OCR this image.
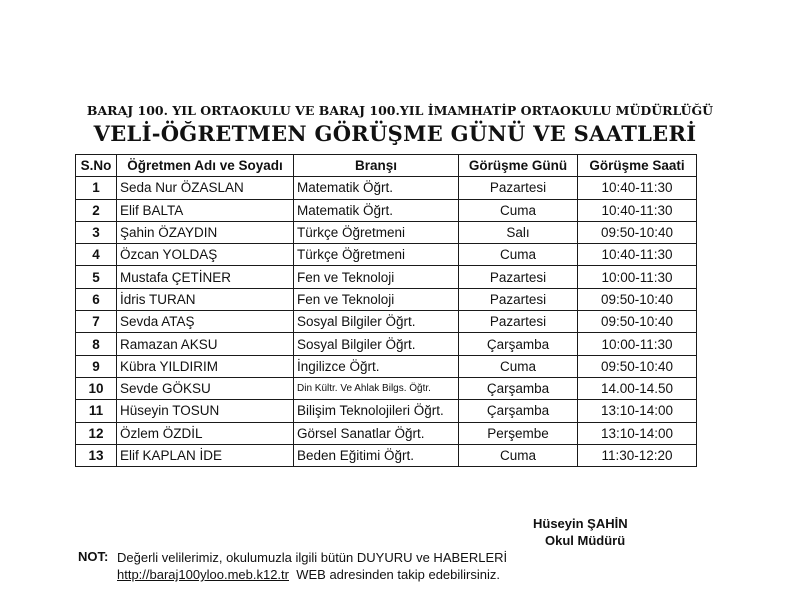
BARAJ 100. YIL ORTAOKULU VE BARAJ 100.YIL İMAMHATİP ORTAOKULU MÜDÜRLÜĞÜ
VELİ-ÖĞRETMEN GÖRÜŞME GÜNÜ VE SAATLERİ
S.No	Öğretmen Adı ve Soyadı	Branşı	Görüşme Günü	Görüşme Saati
1	Seda Nur ÖZASLAN	Matematik Öğrt.	Pazartesi	10:40-11:30
2	Elif BALTA	Matematik Öğrt.	Cuma	10:40-11:30
3	Şahin ÖZAYDIN	Türkçe Öğretmeni	Salı	09:50-10:40
4	Özcan YOLDAŞ	Türkçe Öğretmeni	Cuma	10:40-11:30
5	Mustafa ÇETİNER	Fen ve Teknoloji	Pazartesi	10:00-11:30
6	İdris TURAN	Fen ve Teknoloji	Pazartesi	09:50-10:40
7	Sevda ATAŞ	Sosyal Bilgiler Öğrt.	Pazartesi	09:50-10:40
8	Ramazan AKSU	Sosyal Bilgiler Öğrt.	Çarşamba	10:00-11:30
9	Kübra YILDIRIM	İngilizce Öğrt.	Cuma	09:50-10:40
10	Sevde GÖKSU	Din Kültr. Ve Ahlak Bilgs. Öğtr.	Çarşamba	14.00-14.50
11	Hüseyin TOSUN	Bilişim Teknolojileri Öğrt.	Çarşamba	13:10-14:00
12	Özlem ÖZDİL	Görsel Sanatlar Öğrt.	Perşembe	13:10-14:00
13	Elif KAPLAN İDE	Beden Eğitimi Öğrt.	Cuma	11:30-12:20
Hüseyin ŞAHİN
Okul Müdürü
NOT: Değerli velilerimiz, okulumuzla ilgili bütün DUYURU ve HABERLERİ
http://baraj100yloo.meb.k12.tr  WEB adresinden takip edebilirsiniz.
